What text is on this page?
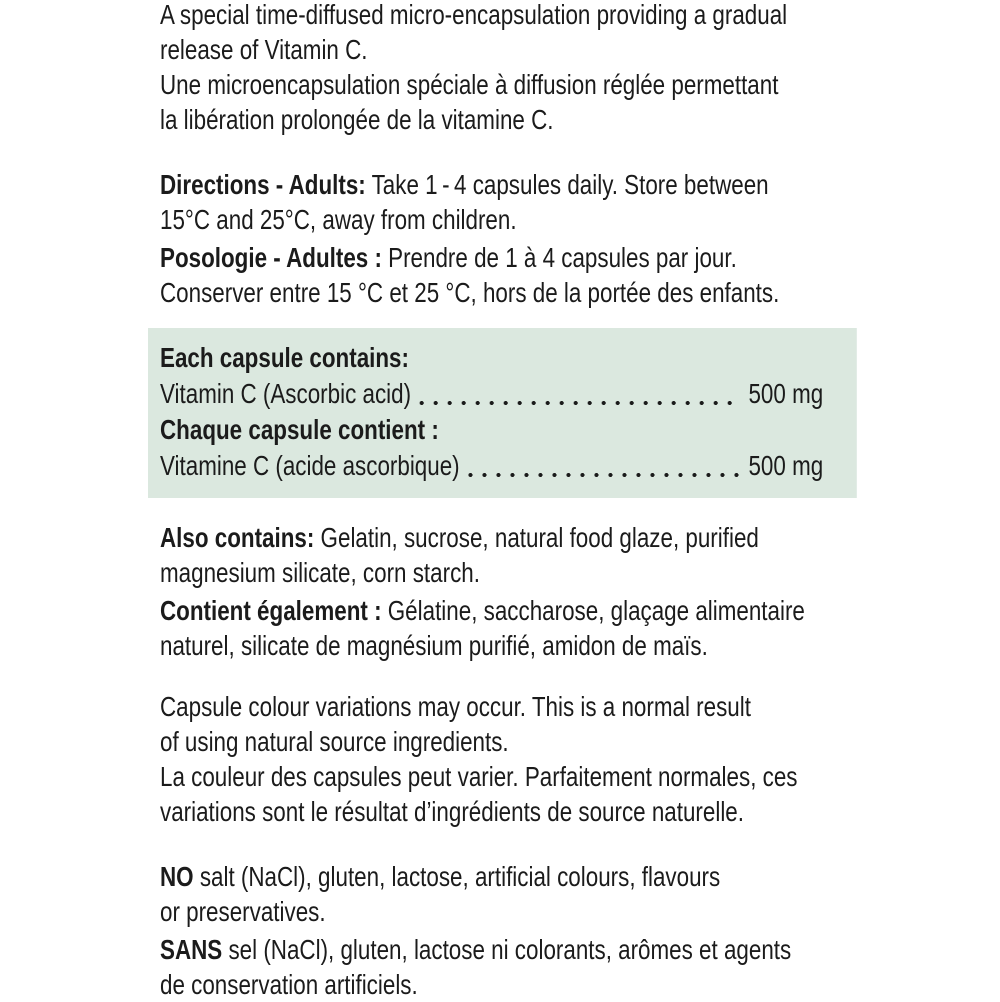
A special time-diffused micro-encapsulation providing a gradual
release of Vitamin C.

Une microencapsulation spéciale à diffusion réglée permettant
la libération prolongée de la vitamine C.

Directions - Adults: Take 1 - 4 capsules daily. Store between
15°C and 25°C, away from children.

Posologie - Adultes : Prendre de 1 à 4 capsules par jour.
Conserver entre 15 °C et 25 °C, hors de la portée des enfants.

Each capsule contains:
Vitamin C (Ascorbic acid)	500 mg
Chaque capsule contient :
Vitamine C (acide ascorbique)	500 mg

Also contains: Gelatin, sucrose, natural food glaze, purified
magnesium silicate, corn starch.

Contient également : Gélatine, saccharose, glaçage alimentaire
naturel, silicate de magnésium purifié, amidon de maïs.

Capsule colour variations may occur. This is a normal result
of using natural source ingredients.

La couleur des capsules peut varier. Parfaitement normales, ces
variations sont le résultat d’ingrédients de source naturelle.

NO salt (NaCl), gluten, lactose, artificial colours, flavours
or preservatives.

SANS sel (NaCl), gluten, lactose ni colorants, arômes et agents
de conservation artificiels.
